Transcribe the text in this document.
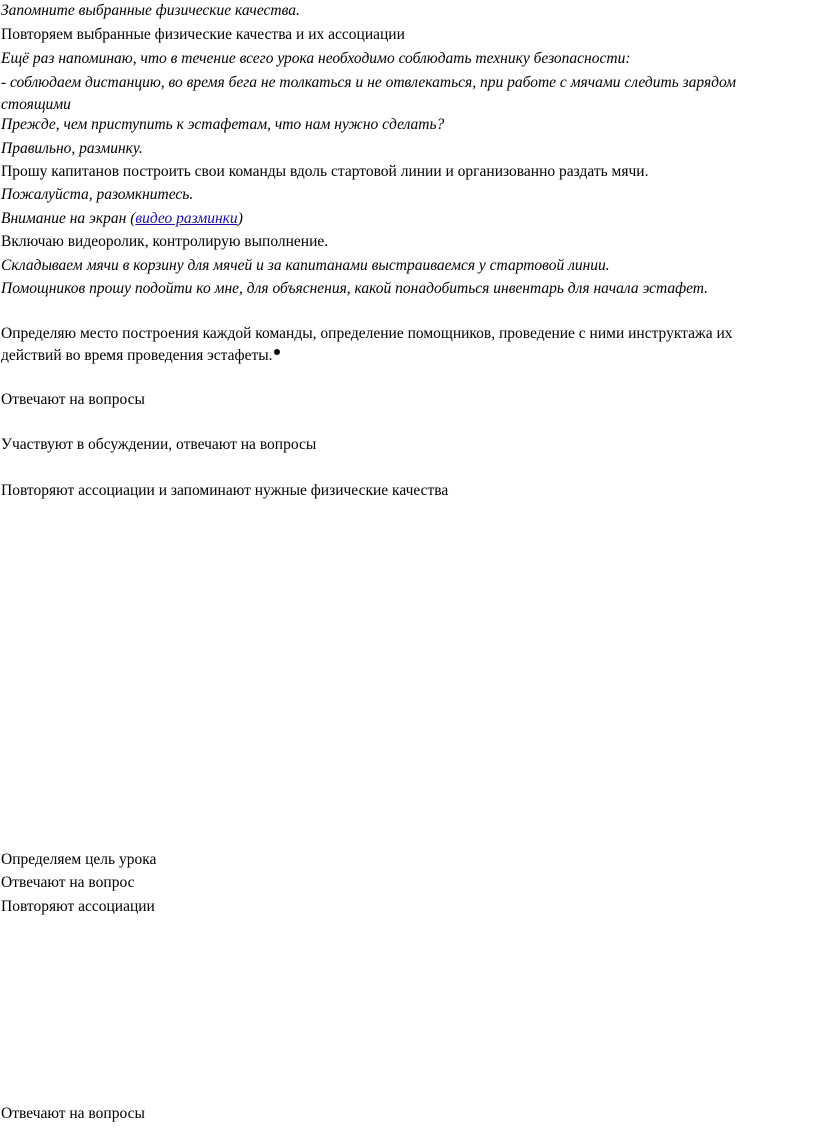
Запомните выбранные физические качества.

Повторяем выбранные физические качества и их ассоциации

Ещё раз напоминаю, что в течение всего урока необходимо соблюдать технику безопасности:

- соблюдаем дистанцию, во время бега не толкаться и не отвлекаться, при работе с мячами следить зарядом стоящими

Прежде, чем приступить к эстафетам, что нам нужно сделать?

Правильно, разминку.

Прошу капитанов построить свои команды вдоль стартовой линии и организованно раздать мячи.

Пожалуйста, разомкнитесь.

Внимание на экран (видео разминки)

Включаю видеоролик, контролирую выполнение.

Складываем мячи в корзину для мячей и за капитанами выстраиваемся у стартовой линии.

Помощников прошу подойти ко мне, для объяснения, какой понадобиться инвентарь для начала эстафет.

Определяю место построения каждой команды, определение помощников, проведение с ними инструктажа их действий во время проведения эстафеты.

Отвечают на вопросы

Участвуют в обсуждении, отвечают на вопросы

Повторяют ассоциации и запоминают нужные физические качества

Определяем цель урока

Отвечают на вопрос

Повторяют ассоциации

Отвечают на вопросы
